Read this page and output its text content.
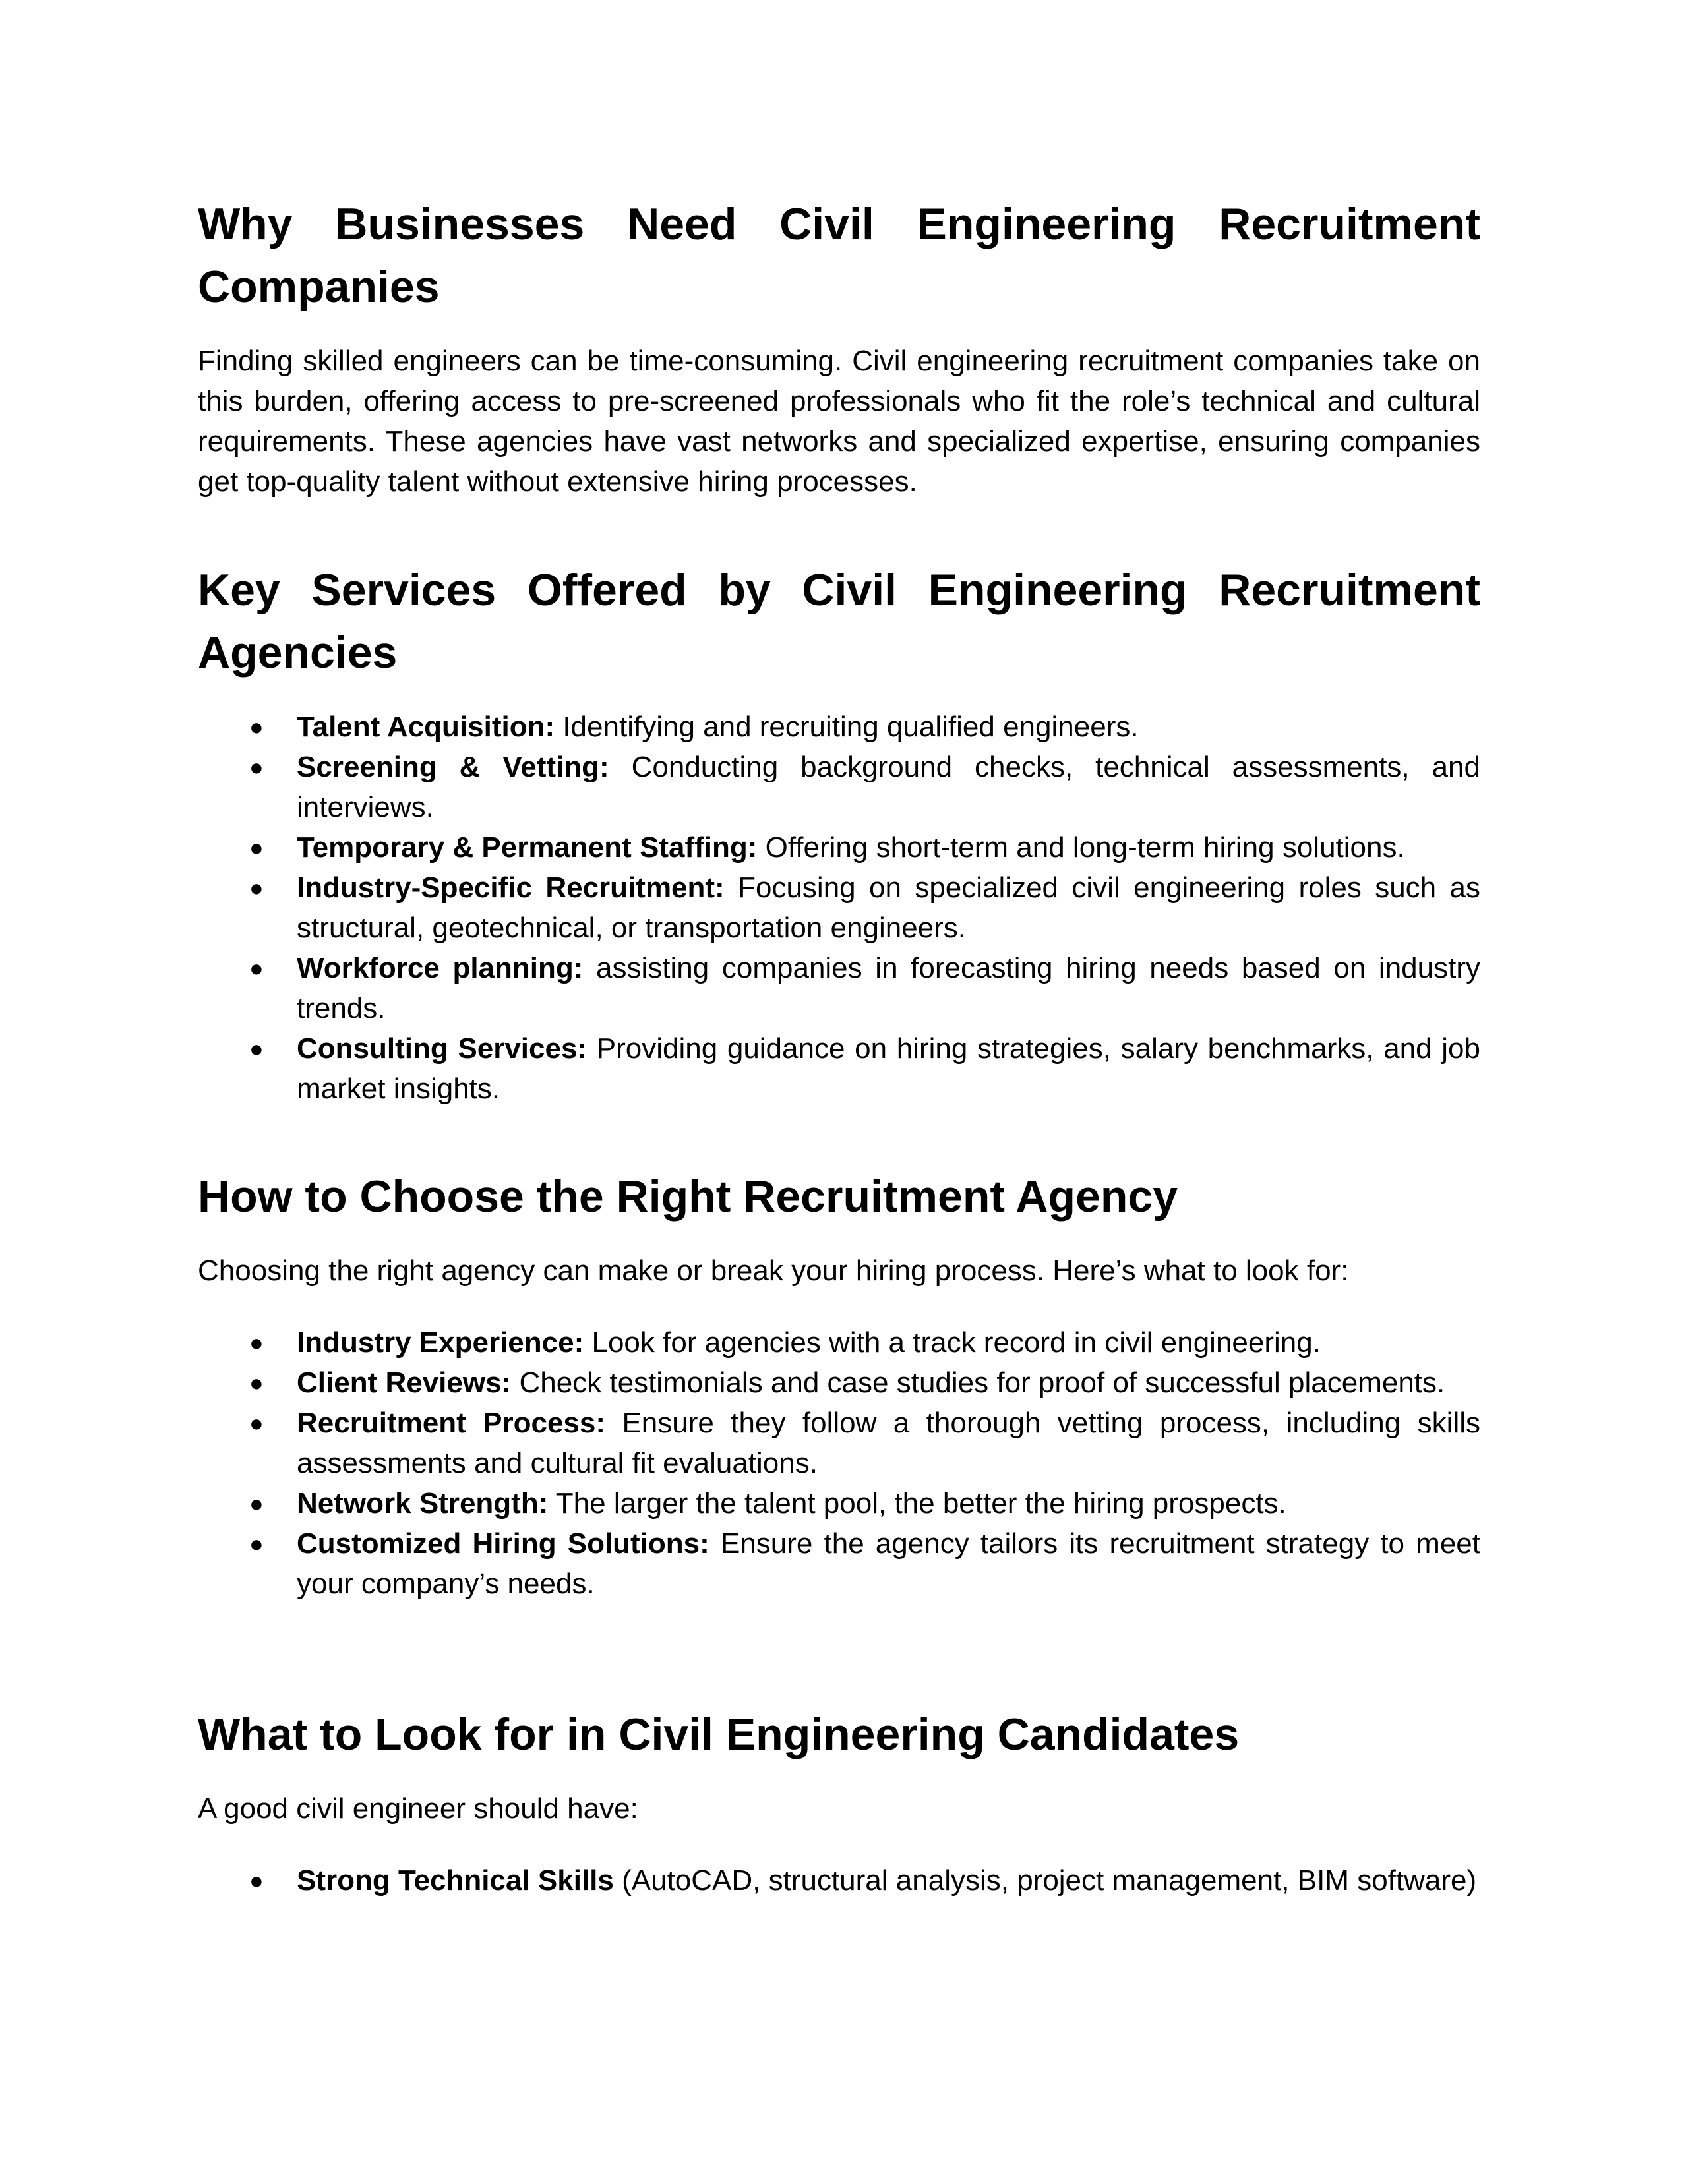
Why Businesses Need Civil Engineering Recruitment Companies

Finding skilled engineers can be time-consuming. Civil engineering recruitment companies take on this burden, offering access to pre-screened professionals who fit the role’s technical and cultural requirements. These agencies have vast networks and specialized expertise, ensuring companies get top-quality talent without extensive hiring processes.

Key Services Offered by Civil Engineering Recruitment Agencies
● Talent Acquisition: Identifying and recruiting qualified engineers.
● Screening & Vetting: Conducting background checks, technical assessments, and interviews.
● Temporary & Permanent Staffing: Offering short-term and long-term hiring solutions.
● Industry-Specific Recruitment: Focusing on specialized civil engineering roles such as structural, geotechnical, or transportation engineers.
● Workforce planning: assisting companies in forecasting hiring needs based on industry trends.
● Consulting Services: Providing guidance on hiring strategies, salary benchmarks, and job market insights.
How to Choose the Right Recruitment Agency

Choosing the right agency can make or break your hiring process. Here’s what to look for:

● Industry Experience: Look for agencies with a track record in civil engineering.
● Client Reviews: Check testimonials and case studies for proof of successful placements.
● Recruitment Process: Ensure they follow a thorough vetting process, including skills assessments and cultural fit evaluations.
● Network Strength: The larger the talent pool, the better the hiring prospects.
● Customized Hiring Solutions: Ensure the agency tailors its recruitment strategy to meet your company’s needs.
What to Look for in Civil Engineering Candidates

A good civil engineer should have:

● Strong Technical Skills (AutoCAD, structural analysis, project management, BIM software)
